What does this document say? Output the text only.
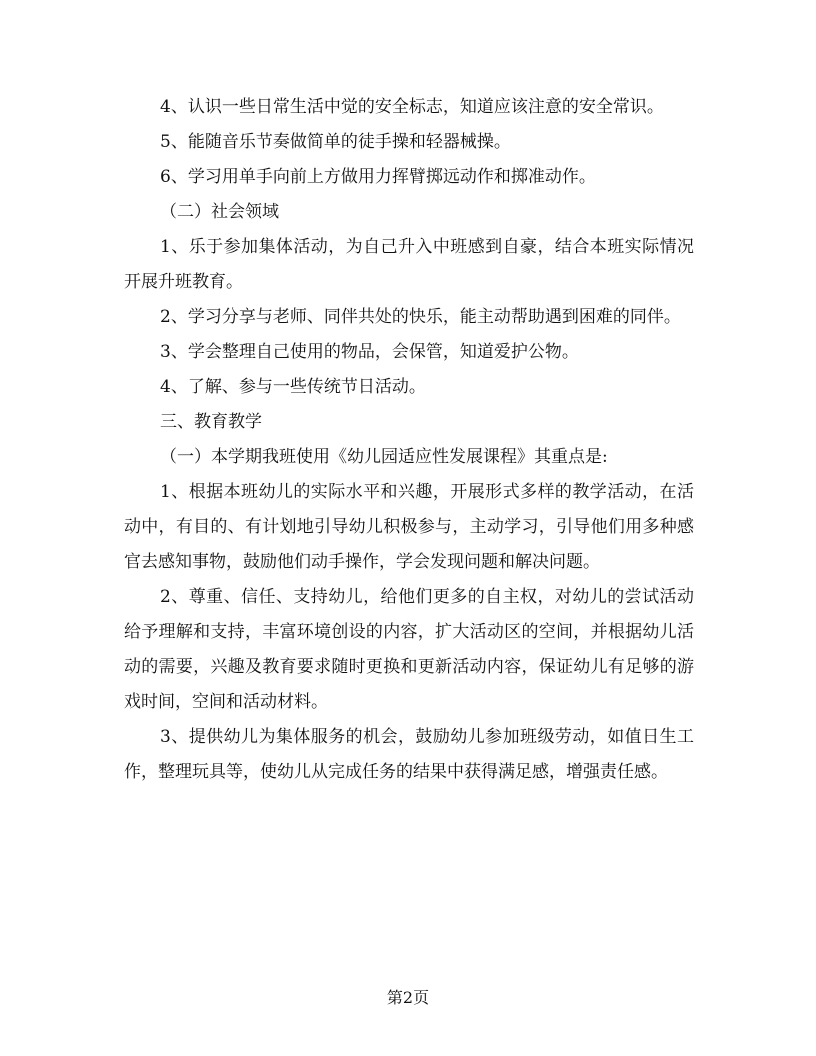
4、认识一些日常生活中觉的安全标志，知道应该注意的安全常识。

5、能随音乐节奏做简单的徒手操和轻器械操。

6、学习用单手向前上方做用力挥臂掷远动作和掷准动作。

（二）社会领域

1、乐于参加集体活动，为自己升入中班感到自豪，结合本班实际情况开展升班教育。

2、学习分享与老师、同伴共处的快乐，能主动帮助遇到困难的同伴。

3、学会整理自己使用的物品，会保管，知道爱护公物。

4、了解、参与一些传统节日活动。

三、教育教学

（一）本学期我班使用《幼儿园适应性发展课程》其重点是:

1、根据本班幼儿的实际水平和兴趣，开展形式多样的教学活动，在活动中，有目的、有计划地引导幼儿积极参与，主动学习，引导他们用多种感官去感知事物，鼓励他们动手操作，学会发现问题和解决问题。

2、尊重、信任、支持幼儿，给他们更多的自主权，对幼儿的尝试活动给予理解和支持，丰富环境创设的内容，扩大活动区的空间，并根据幼儿活动的需要，兴趣及教育要求随时更换和更新活动内容，保证幼儿有足够的游戏时间，空间和活动材料。

3、提供幼儿为集体服务的机会，鼓励幼儿参加班级劳动，如值日生工作，整理玩具等，使幼儿从完成任务的结果中获得满足感，增强责任感。

第2页
